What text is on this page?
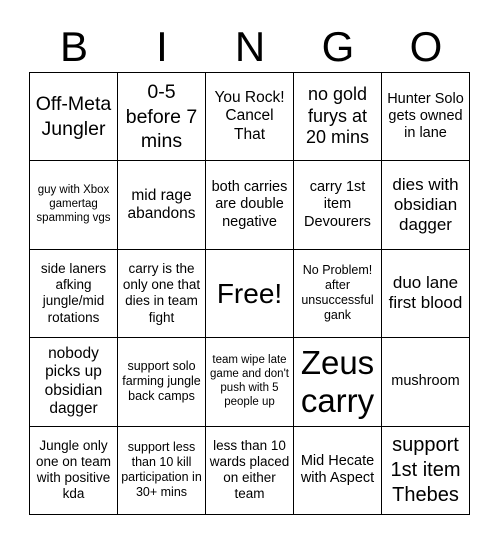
B	I	N	G	O
Off-Meta Jungler
0-5 before 7 mins
You Rock! Cancel That
no gold furys at 20 mins
Hunter Solo gets owned in lane
guy with Xbox gamertag spamming vgs
mid rage abandons
both carries are double negative
carry 1st item Devourers
dies with obsidian dagger
side laners afking jungle/mid rotations
carry is the only one that dies in team fight
Free!
No Problem! after unsuccessful gank
duo lane first blood
nobody picks up obsidian dagger
support solo farming jungle back camps
team wipe late game and don't push with 5 people up
Zeus carry
mushroom
Jungle only one on team with positive kda
support less than 10 kill participation in 30+ mins
less than 10 wards placed on either team
Mid Hecate with Aspect
support 1st item Thebes
